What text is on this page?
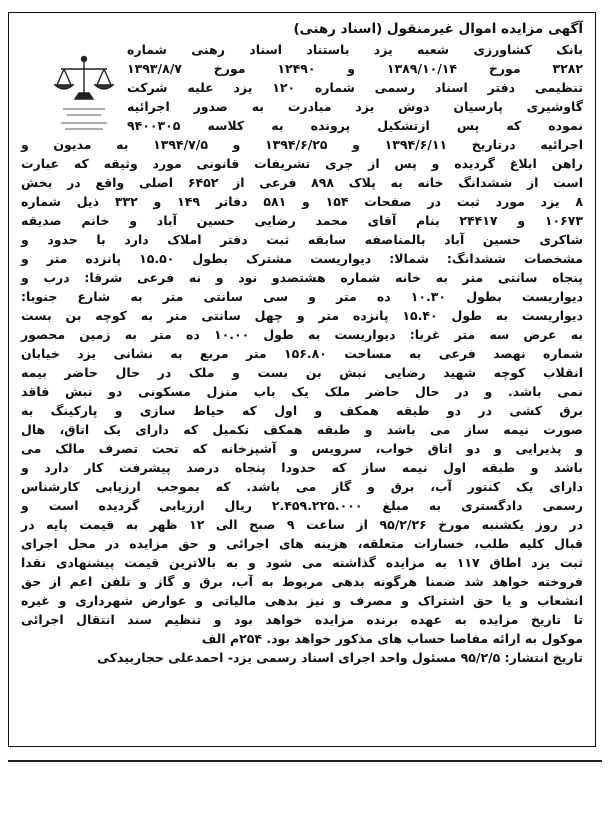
آگهی مزایده اموال غیرمنقول (اسناد رهنی)

بانک کشاورزی شعبه یزد باستناد اسناد رهنی شماره

۳۲۸۲ مورخ ۱۳۸۹/۱۰/۱۴ و ۱۲۴۹۰ مورخ ۱۳۹۳/۸/۷

تنظیمی دفتر اسناد رسمی شماره ۱۲۰ یزد علیه شرکت

گاوشیری پارسیان دوش یزد مبادرت به صدور اجرائیه

نموده که پس ازتشکیل پرونده به کلاسه ۹۴۰۰۳۰۵

اجرائیه درتاریخ ۱۳۹۴/۶/۱۱ و ۱۳۹۴/۶/۲۵ و ۱۳۹۴/۷/۵ به مدیون و

راهن ابلاغ گردیده و پس از جری تشریفات قانونی مورد وثیقه که عبارت

است از ششدانگ خانه به پلاک ۸۹۸ فرعی از ۶۴۵۲ اصلی واقع در بخش

۸ یزد مورد ثبت در صفحات ۱۵۴ و ۵۸۱ دفاتر ۱۴۹ و ۳۳۲ ذیل شماره

۱۰۶۷۳ و ۲۴۴۱۷ بنام آقای محمد رضایی حسین آباد و خانم صدیقه

شاکری حسین آباد بالمناصفه سابقه ثبت دفتر املاک دارد با حدود و

مشخصات ششدانگ: شمالا: دیواریست مشترک بطول ۱۵.۵۰ پانزده متر و

پنجاه سانتی متر به خانه شماره هشتصدو نود و نه فرعی شرقا: درب و

دیواریست بطول ۱۰.۳۰ ده متر و سی سانتی متر به شارع جنوبا:

دیواریست به طول ۱۵.۴۰ پانزده متر و چهل سانتی متر به کوچه بن بست

به عرض سه متر غربا: دیواریست به طول ۱۰.۰۰ ده متر به زمین محصور

شماره نهصد فرعی به مساحت ۱۵۶.۸۰ متر مربع به نشانی یزد خیابان

انقلاب کوچه شهید رضایی نبش بن بست و ملک در حال حاضر بیمه

نمی باشد. و در حال حاضر ملک یک باب منزل مسکونی دو نبش فاقد

برق کشی در دو طبقه همکف و اول که حیاط سازی و پارکینگ به

صورت نیمه ساز می باشد و طبقه همکف تکمیل که دارای یک اتاق، هال

و پذیرایی و دو اتاق خواب، سرویس و آشپزخانه که تحت تصرف مالک می

باشد و طبقه اول نیمه ساز که حدودا پنجاه درصد پیشرفت کار دارد و

دارای یک کنتور آب، برق و گاز می باشد. که بموجب ارزیابی کارشناس

رسمی دادگستری به مبلغ ۲.۴۵۹.۲۲۵.۰۰۰ ریال ارزیابی گردیده است و

در روز یکشنبه مورخ ۹۵/۲/۲۶ از ساعت ۹ صبح الی ۱۲ ظهر به قیمت پایه در

قبال کلیه طلب، خسارات متعلقه، هزینه های اجرائی و حق مزایده در محل اجرای

ثبت یزد اطاق ۱۱۷ به مزایده گذاشته می شود و به بالاترین قیمت پیشنهادی نقدا

فروخته خواهد شد ضمنا هرگونه بدهی مربوط به آب، برق و گاز و تلفن اعم از حق

انشعاب و یا حق اشتراک و مصرف و نیز بدهی مالیاتی و عوارض شهرداری و غیره

تا تاریخ مزایده به عهده برنده مزایده خواهد بود و تنظیم سند انتقال اجرائی

موکول به ارائه مفاصا حساب های مذکور خواهد بود. ۲۵۴م الف

تاریخ انتشار: ۹۵/۲/۵ مسئول واحد اجرای اسناد رسمی یزد- احمدعلی حجاربیدکی
